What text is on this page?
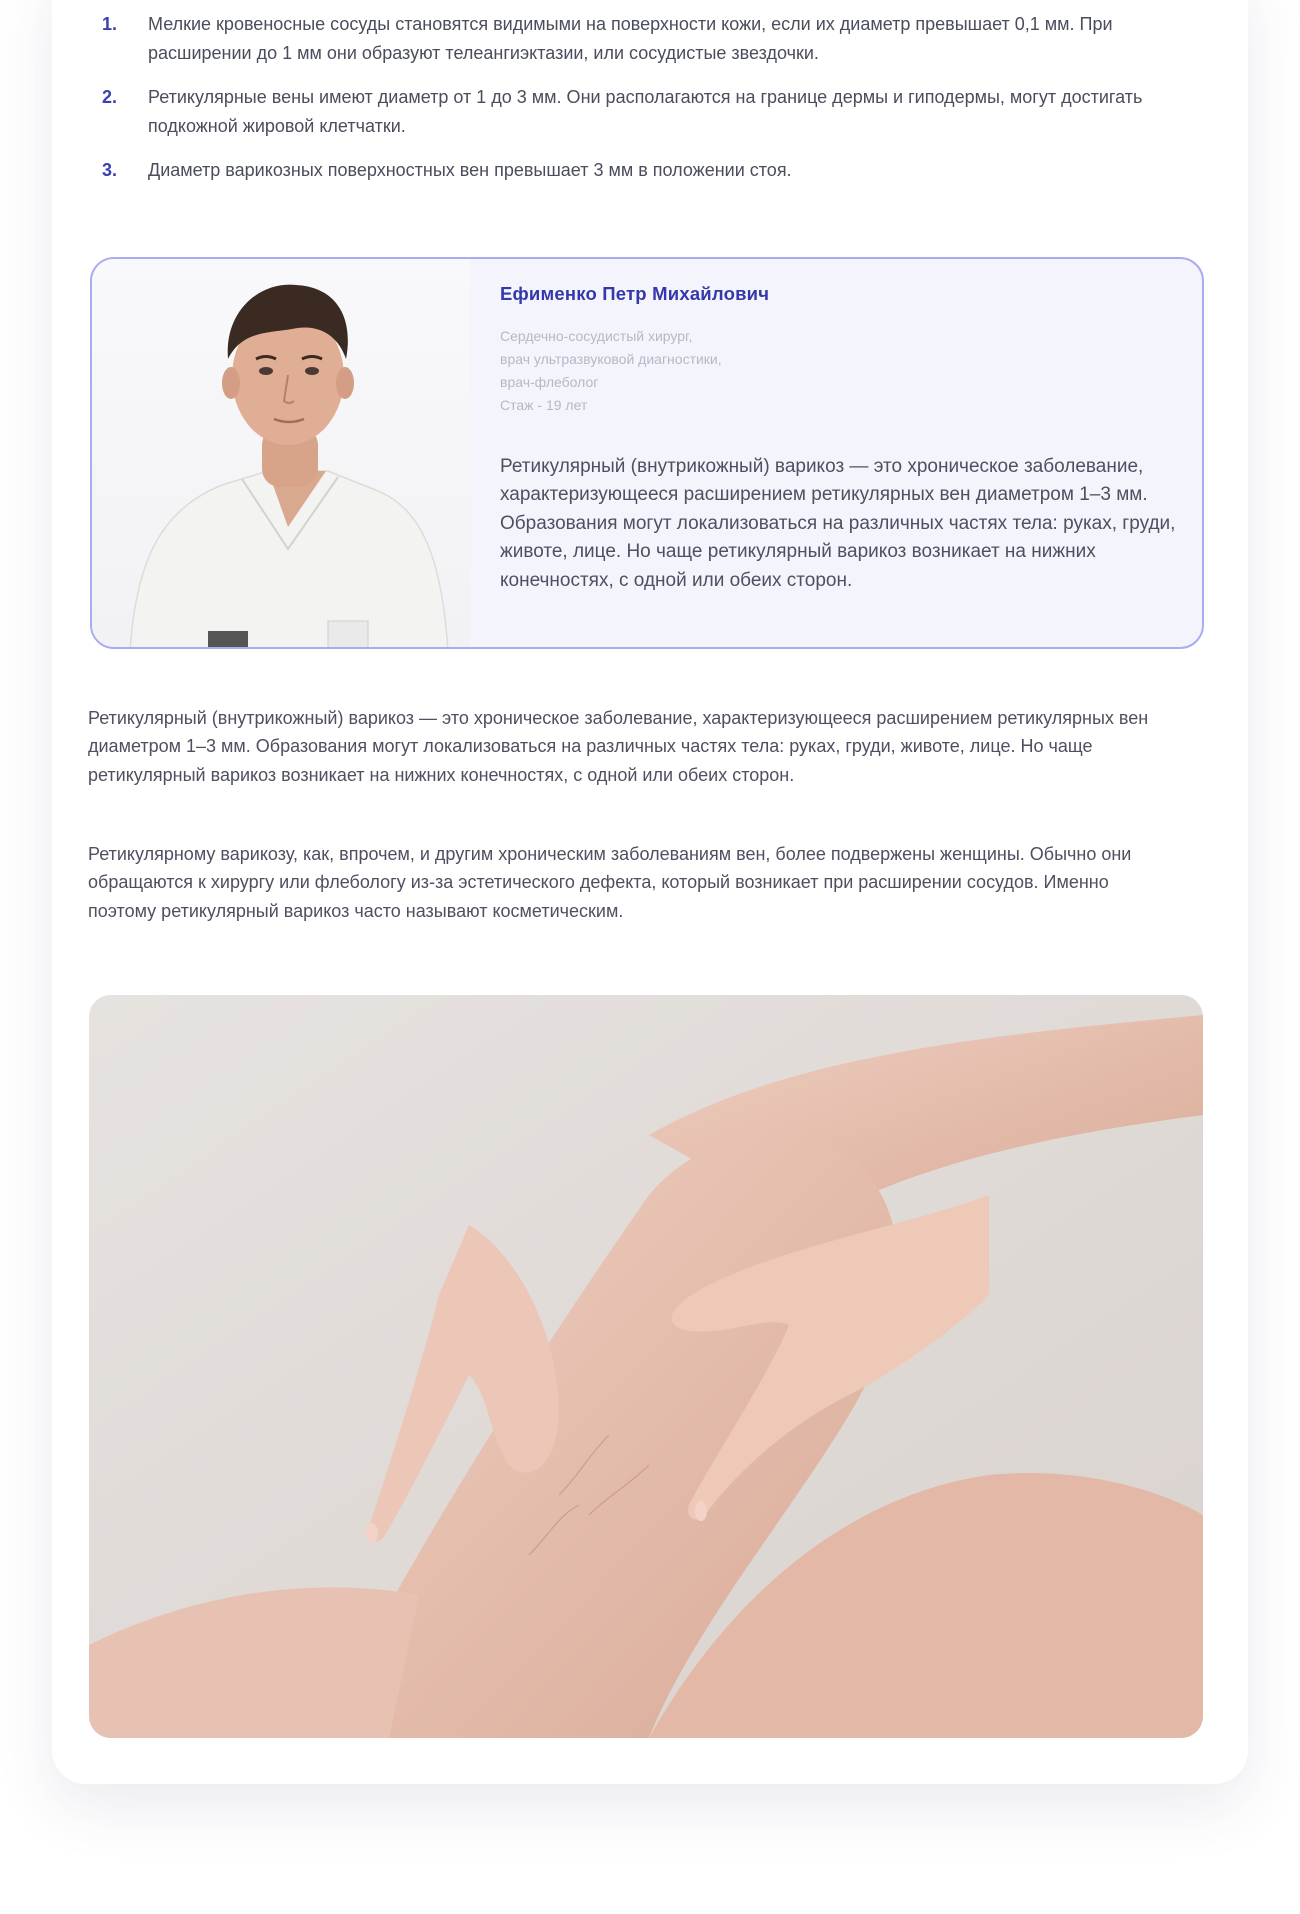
1. Мелкие кровеносные сосуды становятся видимыми на поверхности кожи, если их диаметр превышает 0,1 мм. При расширении до 1 мм они образуют телеангиэктазии, или сосудистые звездочки.
2. Ретикулярные вены имеют диаметр от 1 до 3 мм. Они располагаются на границе дермы и гиподермы, могут достигать подкожной жировой клетчатки.
3. Диаметр варикозных поверхностных вен превышает 3 мм в положении стоя.
Ефименко Петр Михайлович
Сердечно-сосудистый хирург,
врач ультразвуковой диагностики,
врач-флеболог
Стаж - 19 лет
Ретикулярный (внутрикожный) варикоз — это хроническое заболевание, характеризующееся расширением ретикулярных вен диаметром 1–3 мм. Образования могут локализоваться на различных частях тела: руках, груди, животе, лице. Но чаще ретикулярный варикоз возникает на нижних конечностях, с одной или обеих сторон.

Ретикулярный (внутрикожный) варикоз — это хроническое заболевание, характеризующееся расширением ретикулярных вен диаметром 1–3 мм. Образования могут локализоваться на различных частях тела: руках, груди, животе, лице. Но чаще ретикулярный варикоз возникает на нижних конечностях, с одной или обеих сторон.

Ретикулярному варикозу, как, впрочем, и другим хроническим заболеваниям вен, более подвержены женщины. Обычно они обращаются к хирургу или флебологу из-за эстетического дефекта, который возникает при расширении сосудов. Именно поэтому ретикулярный варикоз часто называют косметическим.
